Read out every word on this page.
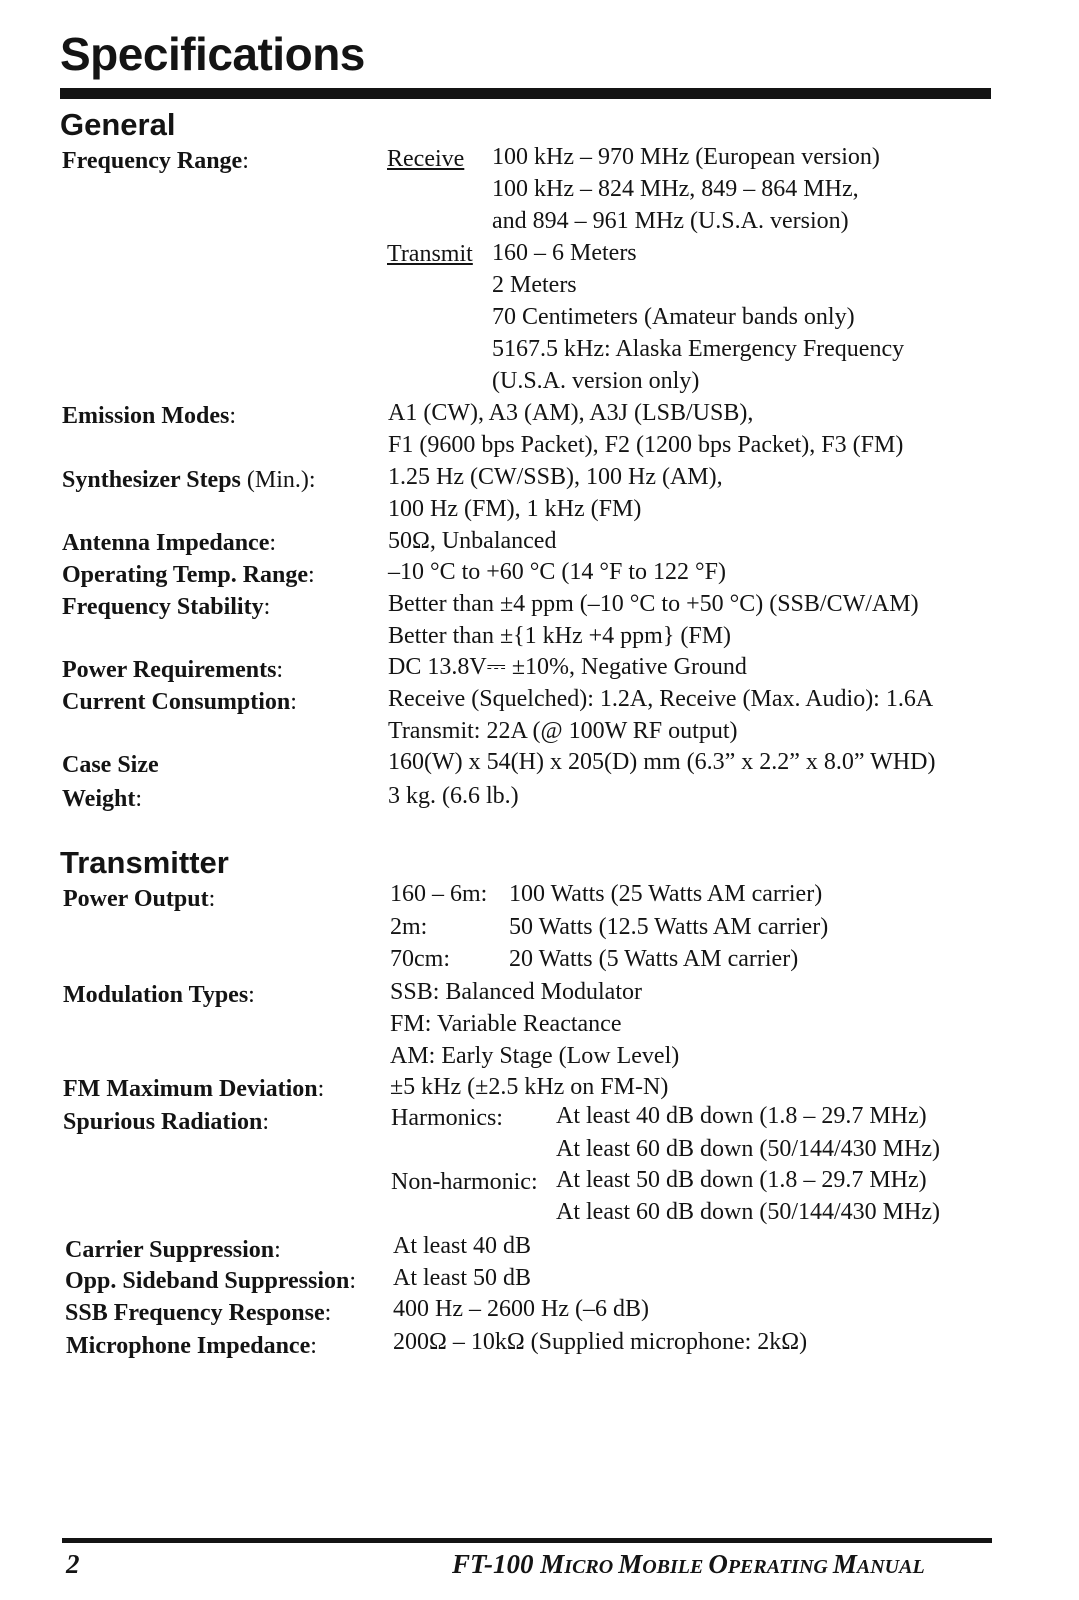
Specifications
General
Frequency Range:	Receive 100 kHz – 970 MHz (European version)
100 kHz – 824 MHz, 849 – 864 MHz,
and 894 – 961 MHz (U.S.A. version)
Transmit 160 – 6 Meters
2 Meters
70 Centimeters (Amateur bands only)
5167.5 kHz: Alaska Emergency Frequency
(U.S.A. version only)
Emission Modes:	A1 (CW), A3 (AM), A3J (LSB/USB),
F1 (9600 bps Packet), F2 (1200 bps Packet), F3 (FM)
Synthesizer Steps (Min.):	1.25 Hz (CW/SSB), 100 Hz (AM),
100 Hz (FM), 1 kHz (FM)
Antenna Impedance:	50Ω, Unbalanced
Operating Temp. Range:	–10 °C to +60 °C (14 °F to 122 °F)
Frequency Stability:	Better than ±4 ppm (–10 °C to +50 °C) (SSB/CW/AM)
Better than ±{1 kHz +4 ppm} (FM)
Power Requirements:	DC 13.8V⎓ ±10%, Negative Ground
Current Consumption:	Receive (Squelched): 1.2A, Receive (Max. Audio): 1.6A
Transmit: 22A (@ 100W RF output)
Case Size	160(W) x 54(H) x 205(D) mm (6.3” x 2.2” x 8.0” WHD)
Weight:	3 kg. (6.6 lb.)
Transmitter
Power Output:	160 – 6m: 100 Watts (25 Watts AM carrier)
2m:	50 Watts (12.5 Watts AM carrier)
70cm: 20 Watts (5 Watts AM carrier)
Modulation Types:	SSB: Balanced Modulator
FM: Variable Reactance
AM: Early Stage (Low Level)
FM Maximum Deviation:	±5 kHz (±2.5 kHz on FM-N)
Spurious Radiation:	Harmonics: At least 40 dB down (1.8 – 29.7 MHz)
At least 60 dB down (50/144/430 MHz)
Non-harmonic: At least 50 dB down (1.8 – 29.7 MHz)
At least 60 dB down (50/144/430 MHz)
Carrier Suppression:	At least 40 dB
Opp. Sideband Suppression: At least 50 dB
SSB Frequency Response:	400 Hz – 2600 Hz (–6 dB)
Microphone Impedance:	200Ω – 10kΩ (Supplied microphone: 2kΩ)
2	FT-100 MICRO MOBILE OPERATING MANUAL
